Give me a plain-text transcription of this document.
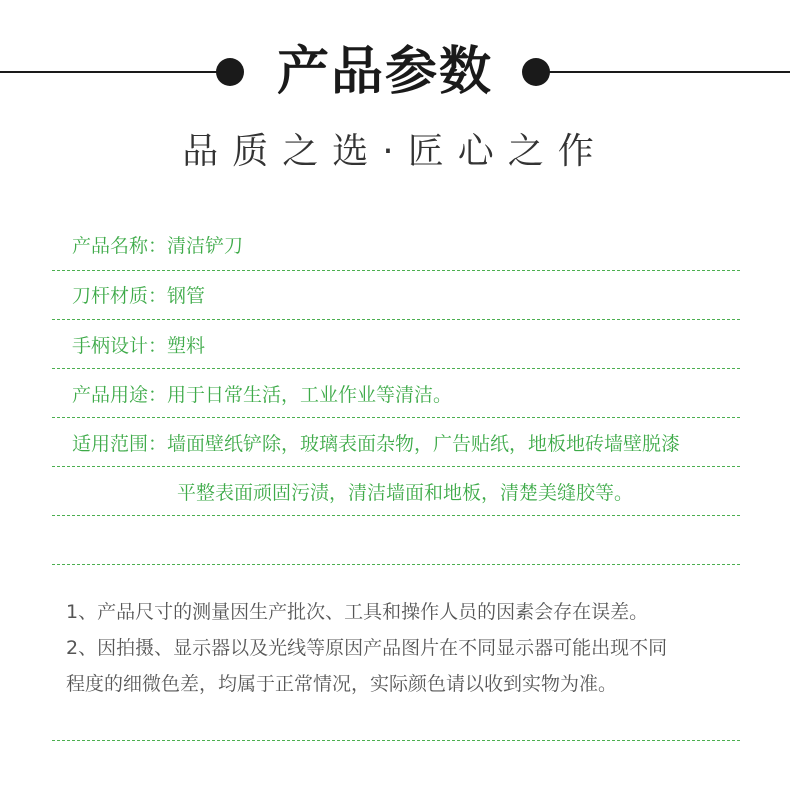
产品参数
品质之选·匠心之作
产品名称：清洁铲刀
刀杆材质：钢管
手柄设计：塑料
产品用途：用于日常生活，工业作业等清洁。
适用范围：墙面壁纸铲除，玻璃表面杂物，广告贴纸，地板地砖墙壁脱漆
平整表面顽固污渍，清洁墙面和地板，清楚美缝胶等。

1、产品尺寸的测量因生产批次、工具和操作人员的因素会存在误差。

2、因拍摄、显示器以及光线等原因产品图片在不同显示器可能出现不同

程度的细微色差，均属于正常情况，实际颜色请以收到实物为准。
